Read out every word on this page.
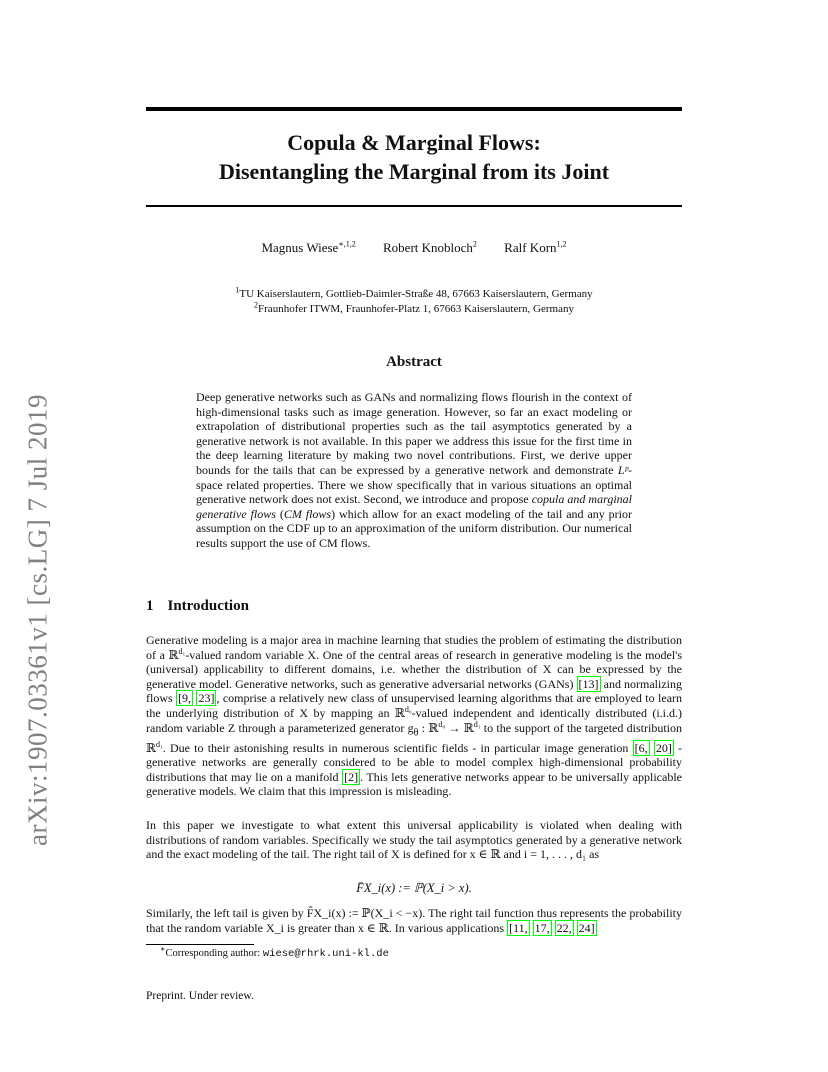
arXiv:1907.03361v1 [cs.LG] 7 Jul 2019
Copula & Marginal Flows:
Disentangling the Marginal from its Joint
Magnus Wiese$^{∗,1,2}$ Robert Knobloch$^2$ Ralf Korn$^{1,2}$
$^1$TU Kaiserslautern, Gottlieb-Daimler-Straße 48, 67663 Kaiserslautern, Germany
$^2$Fraunhofer ITWM, Fraunhofer-Platz 1, 67663 Kaiserslautern, Germany
Abstract
Deep generative networks such as GANs and normalizing flows flourish in the context of high-dimensional tasks such as image generation. However, so far an exact modeling or extrapolation of distributional properties such as the tail asymptotics generated by a generative network is not available. In this paper we address this issue for the first time in the deep learning literature by making two novel contributions. First, we derive upper bounds for the tails that can be expressed by a generative network and demonstrate Lᵖ-space related properties. There we show specifically that in various situations an optimal generative network does not exist. Second, we introduce and propose copula and marginal generative flows (CM flows) which allow for an exact modeling of the tail and any prior assumption on the CDF up to an approximation of the uniform distribution. Our numerical results support the use of CM flows.
1 Introduction
Generative modeling is a major area in machine learning that studies the problem of estimating the distribution of a ℝ$^{d_1}$-valued random variable X. One of the central areas of research in generative modeling is the model's (universal) applicability to different domains, i.e. whether the distribution of X can be expressed by the generative model. Generative networks, such as generative adversarial networks (GANs) [13] and normalizing flows [9, 23] , comprise a relatively new class of unsupervised learning algorithms that are employed to learn the underlying distribution of X by mapping an ℝ$^{d_0}$-valued independent and identically distributed (i.i.d.) random variable Z through a parameterized generator $g_\theta$ : ℝ$^{d_0}$ → ℝ$^{d_1}$ to the support of the targeted distribution ℝ$^{d_1}$. Due to their astonishing results in numerous scientific fields - in particular image generation [6, 20] - generative networks are generally considered to be able to model complex high-dimensional probability distributions that may lie on a manifold [2] . This lets generative networks appear to be universally applicable generative models. We claim that this impression is misleading.
In this paper we investigate to what extent this universal applicability is violated when dealing with distributions of random variables. Specifically we study the tail asymptotics generated by a generative network and the exact modeling of the tail. The right tail of X is defined for x ∈ ℝ and i = 1, . . . , d₁ as
F̄X_i(x) := ℙ(X_i > x).
Similarly, the left tail is given by F̂X_i(x) := ℙ(X_i < −x). The right tail function thus represents the probability that the random variable X_i is greater than x ∈ ℝ. In various applications [11, 17, 22, 24]
∗Corresponding author: wiese@rhrk.uni-kl.de
Preprint. Under review.
